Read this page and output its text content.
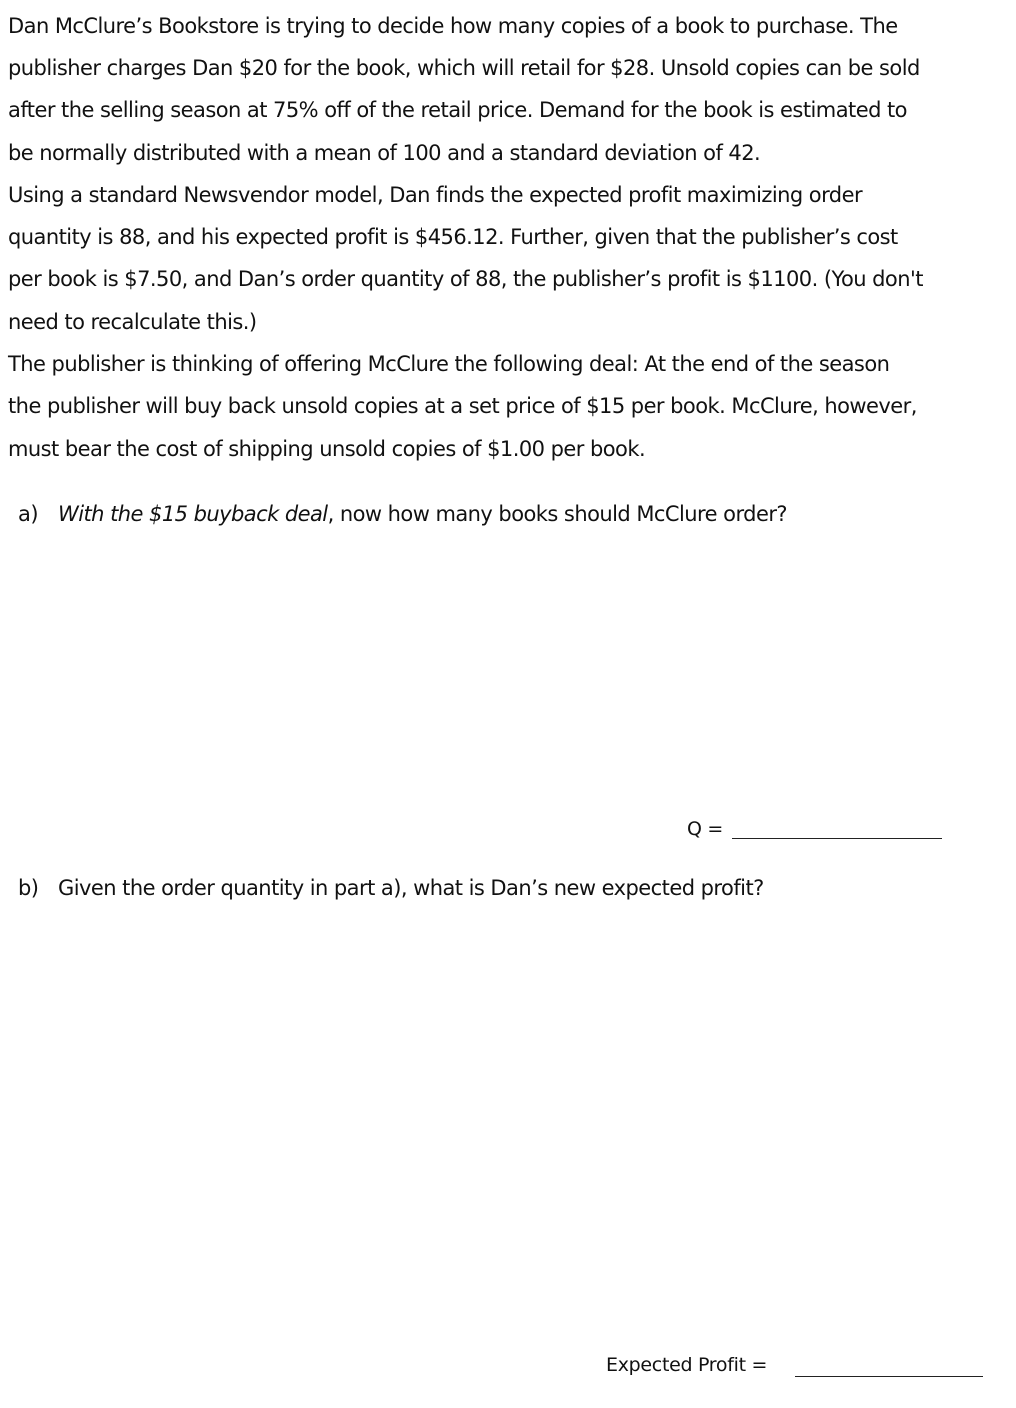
Dan McClure’s Bookstore is trying to decide how many copies of a book to purchase. The
publisher charges Dan $20 for the book, which will retail for $28. Unsold copies can be sold
after the selling season at 75% off of the retail price. Demand for the book is estimated to
be normally distributed with a mean of 100 and a standard deviation of 42.
Using a standard Newsvendor model, Dan finds the expected profit maximizing order
quantity is 88, and his expected profit is $456.12. Further, given that the publisher’s cost
per book is $7.50, and Dan’s order quantity of 88, the publisher’s profit is $1100. (You don't
need to recalculate this.)
The publisher is thinking of offering McClure the following deal: At the end of the season
the publisher will buy back unsold copies at a set price of $15 per book. McClure, however,
must bear the cost of shipping unsold copies of $1.00 per book.
a) With the $15 buyback deal, now how many books should McClure order?
Q =
b) Given the order quantity in part a), what is Dan’s new expected profit?
Expected Profit =
